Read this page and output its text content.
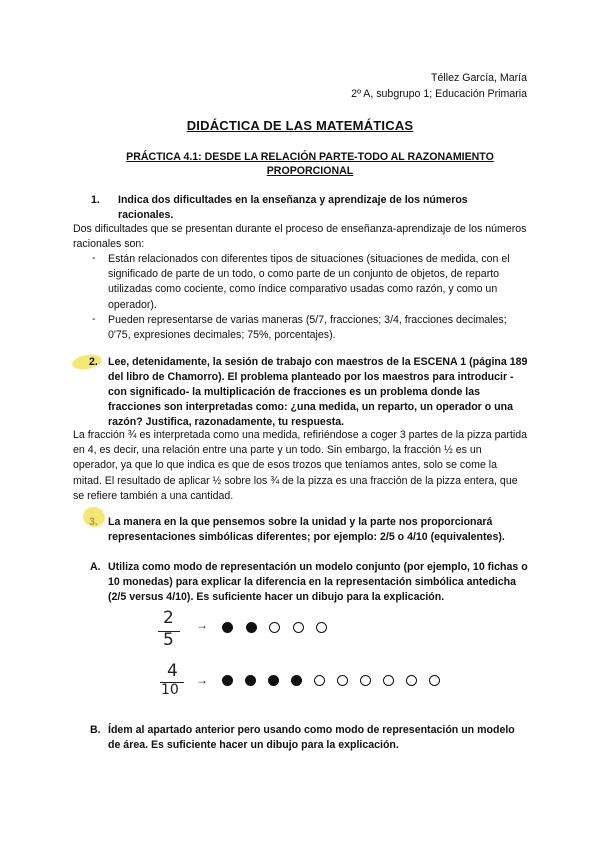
Téllez García, María
2º A, subgrupo 1; Educación Primaria
DIDÁCTICA DE LAS MATEMÁTICAS
PRÁCTICA 4.1: DESDE LA RELACIÓN PARTE-TODO AL RAZONAMIENTO PROPORCIONAL
1. Indica dos dificultades en la enseñanza y aprendizaje de los números racionales.
Dos dificultades que se presentan durante el proceso de enseñanza-aprendizaje de los números racionales son:
- Están relacionados con diferentes tipos de situaciones (situaciones de medida, con el significado de parte de un todo, o como parte de un conjunto de objetos, de reparto utilizadas como cociente, como índice comparativo usadas como razón, y como un operador).
- Pueden representarse de varias maneras (5/7, fracciones; 3/4, fracciones decimales; 0'75, expresiones decimales; 75%, porcentajes).
2. Lee, detenidamente, la sesión de trabajo con maestros de la ESCENA 1 (página 189 del libro de Chamorro). El problema planteado por los maestros para introducir -con significado- la multiplicación de fracciones es un problema donde las fracciones son interpretadas como: ¿una medida, un reparto, un operador o una razón? Justifica, razonadamente, tu respuesta.
La fracción ¾ es interpretada como una medida, refiriéndose a coger 3 partes de la pizza partida en 4, es decir, una relación entre una parte y un todo. Sin embargo, la fracción ½ es un operador, ya que lo que indica es que de esos trozos que teníamos antes, solo se come la mitad. El resultado de aplicar ½ sobre los ¾ de la pizza es una fracción de la pizza entera, que se refiere también a una cantidad.
3. La manera en la que pensemos sobre la unidad y la parte nos proporcionará representaciones simbólicas diferentes; por ejemplo: 2/5 o 4/10 (equivalentes).
A. Utiliza como modo de representación un modelo conjunto (por ejemplo, 10 fichas o 10 monedas) para explicar la diferencia en la representación simbólica antedicha (2/5 versus 4/10). Es suficiente hacer un dibujo para la explicación.
2
5
→
4
10
→
B. Ídem al apartado anterior pero usando como modo de representación un modelo de área. Es suficiente hacer un dibujo para la explicación.
